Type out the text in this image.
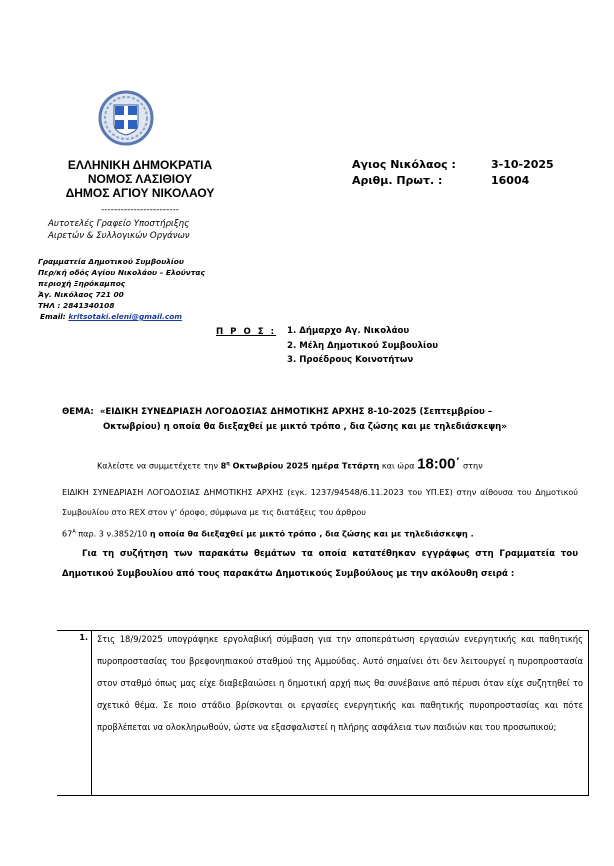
ΕΛΛΗΝΙΚΗ ΔΗΜΟΚΡΑΤΙΑ
ΝΟΜΟΣ ΛΑΣΙΘΙΟΥ
ΔΗΜΟΣ ΑΓΙΟΥ ΝΙΚΟΛΑΟΥ
------------------------
Αυτοτελές Γραφείο Υποστήριξης
Αιρετών & Συλλογικών Οργάνων
Αγιος Νικόλαος :	3-10-2025
Αριθμ. Πρωτ. :	16004
Γραμματεία Δημοτικού Συμβουλίου
Περ/κή οδός Αγίου Νικολάου – Ελούντας
περιοχή Ξηρόκαμπος
Άγ. Νικόλαος 721 00
ΤΗΛ : 2841340108
Email: kritsotaki.eleni@gmail.com
Π Ρ Ο Σ : 1. Δήμαρχο Αγ. Νικολάου
2. Μέλη Δημοτικού Συμβουλίου
3. Προέδρους Κοινοτήτων
ΘΕΜΑ: «ΕΙΔΙΚΗ ΣΥΝΕΔΡΙΑΣΗ ΛΟΓΟΔΟΣΙΑΣ ΔΗΜΟΤΙΚΗΣ ΑΡΧΗΣ 8-10-2025 (Σεπτεμβρίου –
Οκτωβρίου) η οποία θα διεξαχθεί με μικτό τρόπο , δια ζώσης και με τηλεδιάσκεψη»
Καλείστε να συμμετέχετε την $8^\eta$ Οκτωβρίου 2025 ημέρα Τετάρτη και ώρα 18:00΄ στην
ΕΙΔΙΚΗ ΣΥΝΕΔΡΙΑΣΗ ΛΟΓΟΔΟΣΙΑΣ ΔΗΜΟΤΙΚΗΣ ΑΡΧΗΣ (εγκ. 1237/94548/6.11.2023 του ΥΠ.ΕΣ) στην αίθουσα του Δημοτικού Συμβουλίου στο REX στον γ' όροφο, σύμφωνα με τις διατάξεις του άρθρου
$67^A$ παρ. 3 ν.3852/10 η οποία θα διεξαχθεί με μικτό τρόπο , δια ζώσης και με τηλεδιάσκεψη .
Για τη συζήτηση των παρακάτω θεμάτων τα οποία κατατέθηκαν εγγράφως στη Γραμματεία του Δημοτικού Συμβουλίου από τους παρακάτω Δημοτικούς Συμβούλους με την ακόλουθη σειρά :
1. Στις 18/9/2025 υπογράφηκε εργολαβική σύμβαση για την αποπεράτωση εργασιών ενεργητικής και παθητικής πυροπροστασίας του βρεφονηπιακού σταθμού της Αμμούδας. Αυτό σημαίνει ότι δεν λειτουργεί η πυροπροστασία στον σταθμό όπως μας είχε διαβεβαιώσει η δημοτική αρχή πως θα συνέβαινε από πέρυσι όταν είχε συζητηθεί το σχετικό θέμα. Σε ποιο στάδιο βρίσκονται οι εργασίες ενεργητικής και παθητικής πυροπροστασίας και πότε προβλέπεται να ολοκληρωθούν, ώστε να εξασφαλιστεί η πλήρης ασφάλεια των παιδιών και του προσωπικού;
